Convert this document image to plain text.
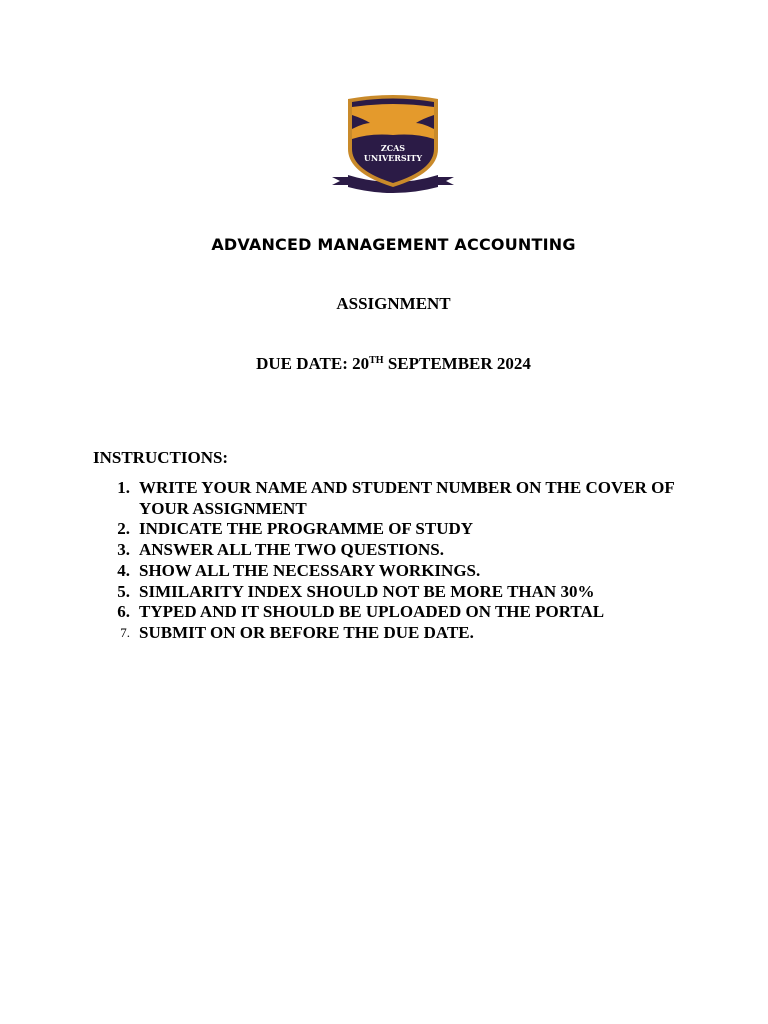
ZCAS
UNIVERSITY
ADVANCED MANAGEMENT ACCOUNTING

ASSIGNMENT

DUE DATE: 20TH SEPTEMBER 2024

INSTRUCTIONS:

1. WRITE YOUR NAME AND STUDENT NUMBER ON THE COVER OF YOUR ASSIGNMENT
2. INDICATE THE PROGRAMME OF STUDY
3. ANSWER ALL THE TWO QUESTIONS.
4. SHOW ALL THE NECESSARY WORKINGS.
5. SIMILARITY INDEX SHOULD NOT BE MORE THAN 30%
6. TYPED AND IT SHOULD BE UPLOADED ON THE PORTAL
7. SUBMIT ON OR BEFORE THE DUE DATE.
